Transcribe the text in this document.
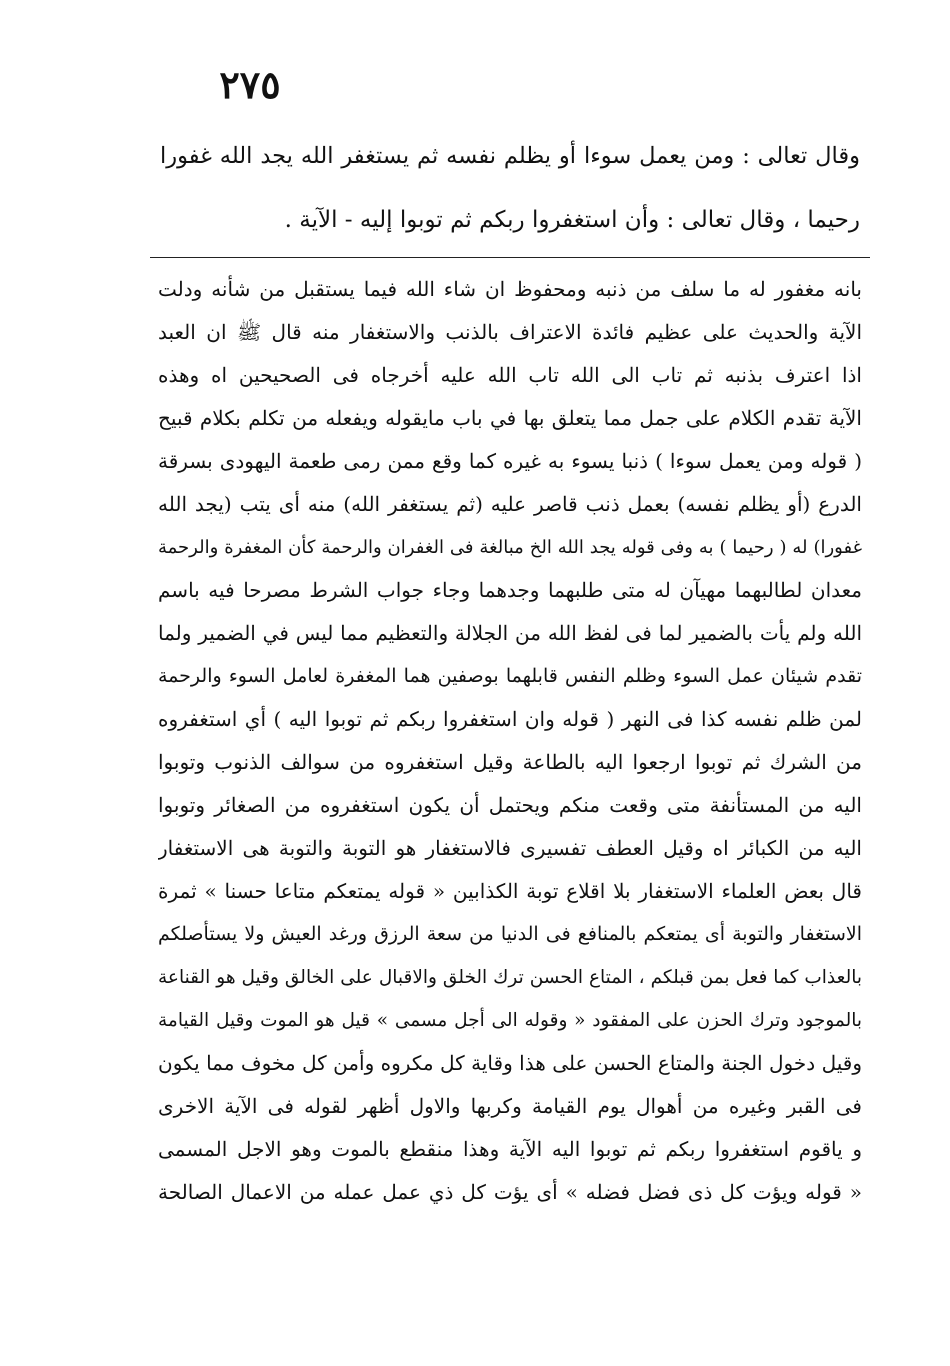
٢٧٥
وقال تعالى : ومن يعمل سوءا أو يظلم نفسه ثم يستغفر الله يجد الله غفورا
رحيما ، وقال تعالى : وأن استغفروا ربكم ثم توبوا إليه - الآية .
بانه مغفور له ما سلف من ذنبه ومحفوظ ان شاء الله فيما يستقبل من شأنه ودلت
الآية والحديث على عظيم فائدة الاعتراف بالذنب والاستغفار منه قال ﷺ ان العبد
اذا اعترف بذنبه ثم تاب الى الله تاب الله عليه أخرجاه فى الصحيحين اه وهذه
الآية تقدم الكلام على جمل مما يتعلق بها في باب مايقوله ويفعله من تكلم بكلام قبيح
( قوله ومن يعمل سوءا ) ذنبا يسوء به غيره كما وقع ممن رمى طعمة اليهودى بسرقة
الدرع (أو يظلم نفسه) بعمل ذنب قاصر عليه (ثم يستغفر الله) منه أى يتب (يجد الله
غفورا) له ( رحيما ) به وفى قوله يجد الله الخ مبالغة فى الغفران والرحمة كأن المغفرة والرحمة
معدان لطالبهما مهيآن له متى طلبهما وجدهما وجاء جواب الشرط مصرحا فيه باسم
الله ولم يأت بالضمير لما فى لفظ الله من الجلالة والتعظيم مما ليس في الضمير ولما
تقدم شيئان عمل السوء وظلم النفس قابلهما بوصفين هما المغفرة لعامل السوء والرحمة
لمن ظلم نفسه كذا فى النهر ( قوله وان استغفروا ربكم ثم توبوا اليه ) أي استغفروه
من الشرك ثم توبوا ارجعوا اليه بالطاعة وقيل استغفروه من سوالف الذنوب وتوبوا
اليه من المستأنفة متى وقعت منكم ويحتمل أن يكون استغفروه من الصغائر وتوبوا
اليه من الكبائر اه وقيل العطف تفسيرى فالاستغفار هو التوبة والتوبة هى الاستغفار
قال بعض العلماء الاستغفار بلا اقلاع توبة الكذابين « قوله يمتعكم متاعا حسنا » ثمرة
الاستغفار والتوبة أى يمتعكم بالمنافع فى الدنيا من سعة الرزق ورغد العيش ولا يستأصلكم
بالعذاب كما فعل بمن قبلكم ، المتاع الحسن ترك الخلق والاقبال على الخالق وقيل هو القناعة
بالموجود وترك الحزن على المفقود « وقوله الى أجل مسمى » قيل هو الموت وقيل القيامة
وقيل دخول الجنة والمتاع الحسن على هذا وقاية كل مكروه وأمن كل مخوف مما يكون
فى القبر وغيره من أهوال يوم القيامة وكربها والاول أظهر لقوله فى الآية الاخرى
و ياقوم استغفروا ربكم ثم توبوا اليه الآية وهذا منقطع بالموت وهو الاجل المسمى
« قوله ويؤت كل ذى فضل فضله » أى يؤت كل ذي عمل عمله من الاعمال الصالحة
